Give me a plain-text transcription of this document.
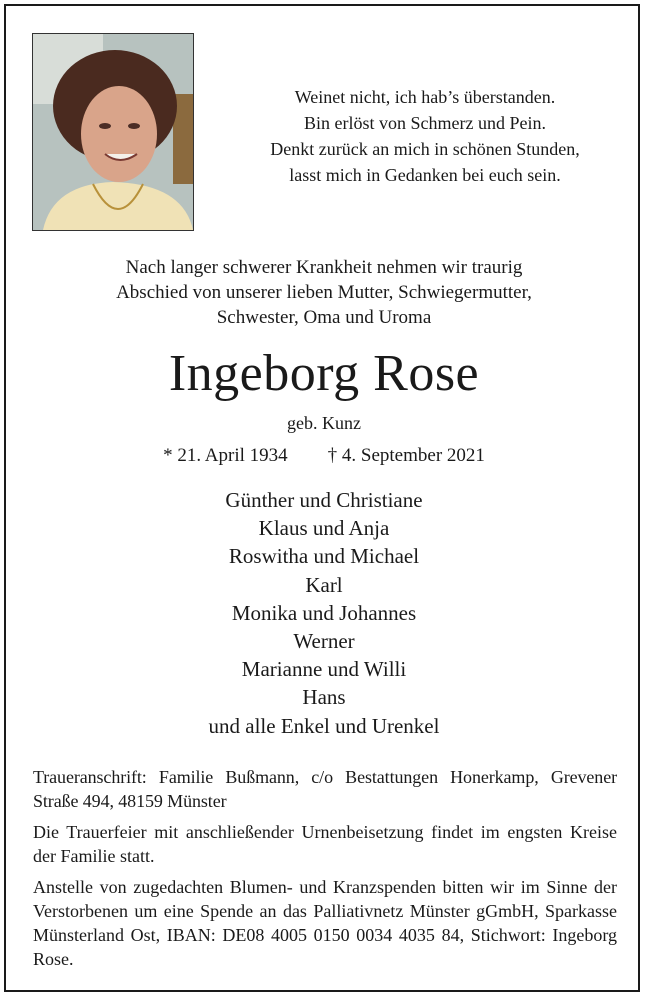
Weinet nicht, ich hab’s überstanden.
Bin erlöst von Schmerz und Pein.
Denkt zurück an mich in schönen Stunden,
lasst mich in Gedanken bei euch sein.
Nach langer schwerer Krankheit nehmen wir traurig
Abschied von unserer lieben Mutter, Schwiegermutter,
Schwester, Oma und Uroma
Ingeborg Rose
geb. Kunz
* 21. April 1934 † 4. September 2021
Günther und Christiane
Klaus und Anja
Roswitha und Michael
Karl
Monika und Johannes
Werner
Marianne und Willi
Hans
und alle Enkel und Urenkel
Traueranschrift: Familie Bußmann, c/o Bestattungen Honerkamp, Grevener Straße 494, 48159 Münster
Die Trauerfeier mit anschließender Urnenbeisetzung findet im engsten Kreise der Familie statt.
Anstelle von zugedachten Blumen- und Kranzspenden bitten wir im Sinne der Verstorbenen um eine Spende an das Palliativnetz Münster gGmbH, Sparkasse Münsterland Ost, IBAN: DE08 4005 0150 0034 4035 84, Stichwort: Ingeborg Rose.
